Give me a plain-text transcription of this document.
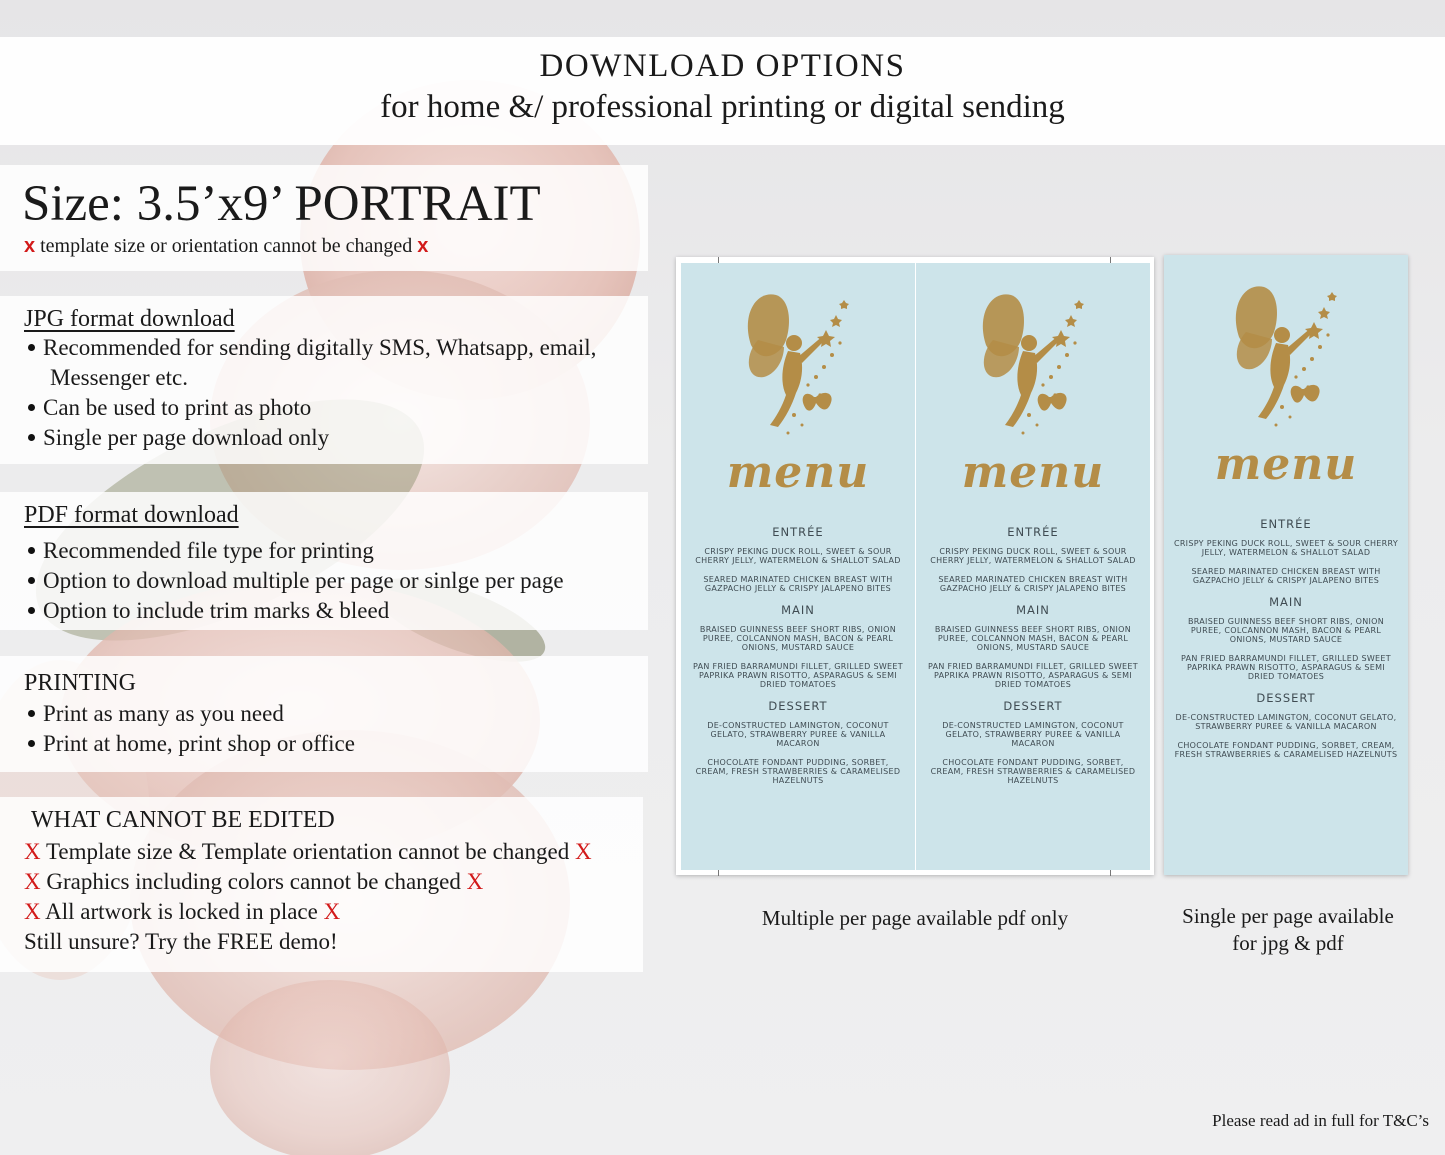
DOWNLOAD OPTIONS
for home &/ professional printing or digital sending
Size: 3.5’x9’ PORTRAIT
x template size or orientation cannot be changed x
JPG format download
Recommended for sending digitally SMS, Whatsapp, email,
Messenger etc.
Can be used to print as photo
Single per page download only
PDF format download
Recommended file type for printing
Option to download multiple per page or sinlge per page
Option to include trim marks & bleed
PRINTING
Print as many as you need
Print at home, print shop or office
WHAT CANNOT BE EDITED
X Template size & Template orientation cannot be changed X
X Graphics including colors cannot be changed X
X All artwork is locked in place X
Still unsure? Try the FREE demo!
menu
ENTRÉE
CRISPY PEKING DUCK ROLL, SWEET & SOUR CHERRY JELLY, WATERMELON & SHALLOT SALAD
SEARED MARINATED CHICKEN BREAST WITH GAZPACHO JELLY & CRISPY JALAPENO BITES
MAIN
BRAISED GUINNESS BEEF SHORT RIBS, ONION PUREE, COLCANNON MASH, BACON & PEARL ONIONS, MUSTARD SAUCE
PAN FRIED BARRAMUNDI FILLET, GRILLED SWEET PAPRIKA PRAWN RISOTTO, ASPARAGUS & SEMI DRIED TOMATOES
DESSERT
DE-CONSTRUCTED LAMINGTON, COCONUT GELATO, STRAWBERRY PUREE & VANILLA MACARON
CHOCOLATE FONDANT PUDDING, SORBET, CREAM, FRESH STRAWBERRIES & CARAMELISED HAZELNUTS
menu
ENTRÉE
CRISPY PEKING DUCK ROLL, SWEET & SOUR CHERRY JELLY, WATERMELON & SHALLOT SALAD
SEARED MARINATED CHICKEN BREAST WITH GAZPACHO JELLY & CRISPY JALAPENO BITES
MAIN
BRAISED GUINNESS BEEF SHORT RIBS, ONION PUREE, COLCANNON MASH, BACON & PEARL ONIONS, MUSTARD SAUCE
PAN FRIED BARRAMUNDI FILLET, GRILLED SWEET PAPRIKA PRAWN RISOTTO, ASPARAGUS & SEMI DRIED TOMATOES
DESSERT
DE-CONSTRUCTED LAMINGTON, COCONUT GELATO, STRAWBERRY PUREE & VANILLA MACARON
CHOCOLATE FONDANT PUDDING, SORBET, CREAM, FRESH STRAWBERRIES & CARAMELISED HAZELNUTS
menu
ENTRÉE
CRISPY PEKING DUCK ROLL, SWEET & SOUR CHERRY JELLY, WATERMELON & SHALLOT SALAD
SEARED MARINATED CHICKEN BREAST WITH GAZPACHO JELLY & CRISPY JALAPENO BITES
MAIN
BRAISED GUINNESS BEEF SHORT RIBS, ONION PUREE, COLCANNON MASH, BACON & PEARL ONIONS, MUSTARD SAUCE
PAN FRIED BARRAMUNDI FILLET, GRILLED SWEET PAPRIKA PRAWN RISOTTO, ASPARAGUS & SEMI DRIED TOMATOES
DESSERT
DE-CONSTRUCTED LAMINGTON, COCONUT GELATO, STRAWBERRY PUREE & VANILLA MACARON
CHOCOLATE FONDANT PUDDING, SORBET, CREAM, FRESH STRAWBERRIES & CARAMELISED HAZELNUTS
Multiple per page available pdf only	Single per page available
for jpg & pdf
Please read ad in full for T&C’s
